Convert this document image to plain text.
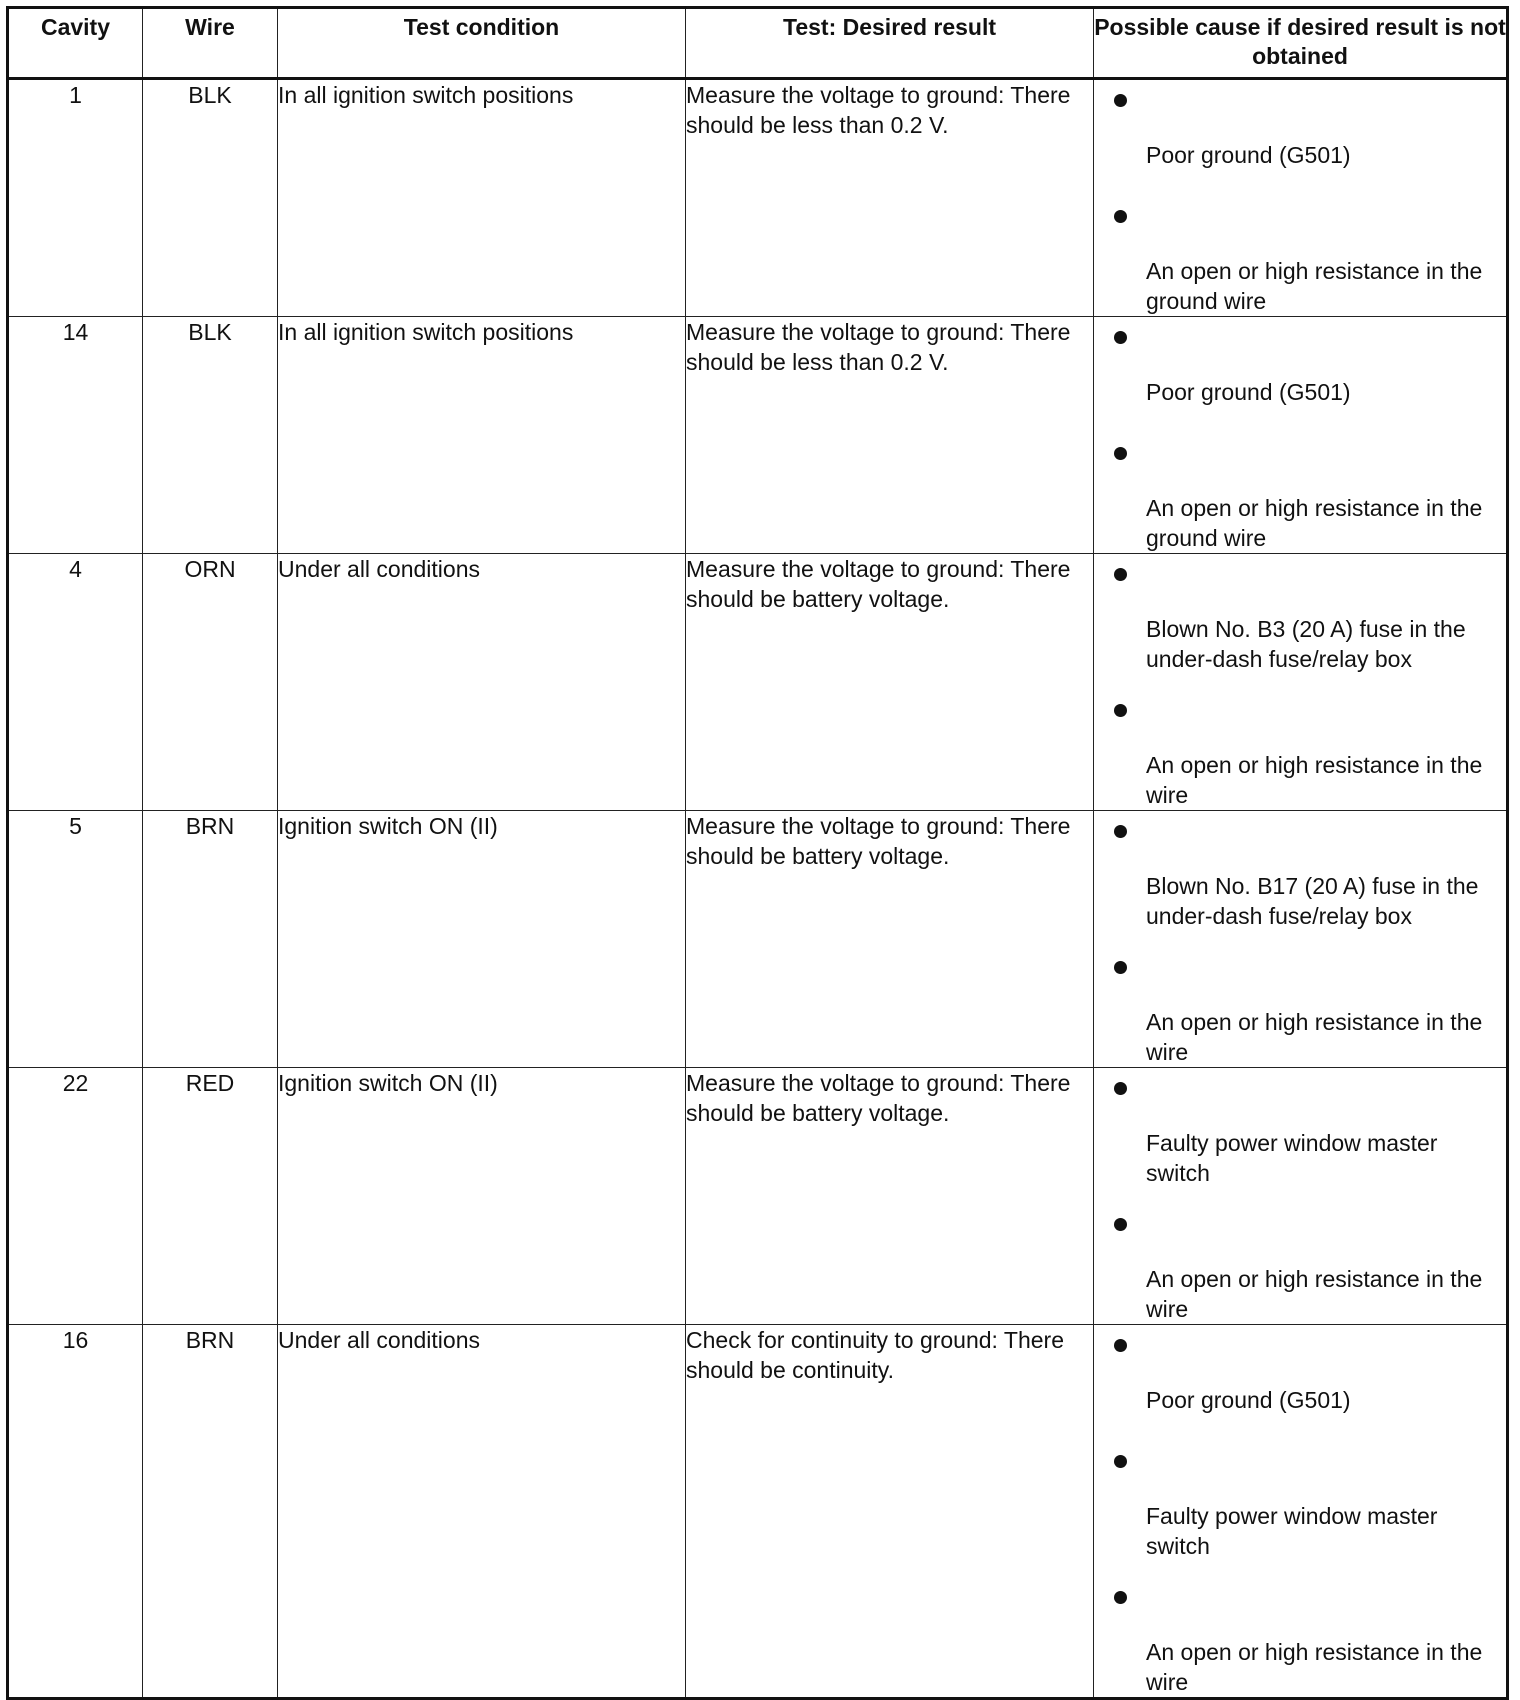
Cavity	Wire	Test condition	Test: Desired result	Possible cause if desired result is not obtained
1	BLK	In all ignition switch positions	Measure the voltage to ground: There should be less than 0.2 V.	Poor ground (G501)
An open or high resistance in the ground wire

14	BLK	In all ignition switch positions	Measure the voltage to ground: There should be less than 0.2 V.	Poor ground (G501)
An open or high resistance in the ground wire

4	ORN	Under all conditions	Measure the voltage to ground: There should be battery voltage.	Blown No. B3 (20 A) fuse in the under-dash fuse/relay box
An open or high resistance in the wire

5	BRN	Ignition switch ON (II)	Measure the voltage to ground: There should be battery voltage.	Blown No. B17 (20 A) fuse in the under-dash fuse/relay box
An open or high resistance in the wire

22	RED	Ignition switch ON (II)	Measure the voltage to ground: There should be battery voltage.	Faulty power window master switch
An open or high resistance in the wire

16	BRN	Under all conditions	Check for continuity to ground: There should be continuity.	Poor ground (G501)
Faulty power window master switch
An open or high resistance in the wire
